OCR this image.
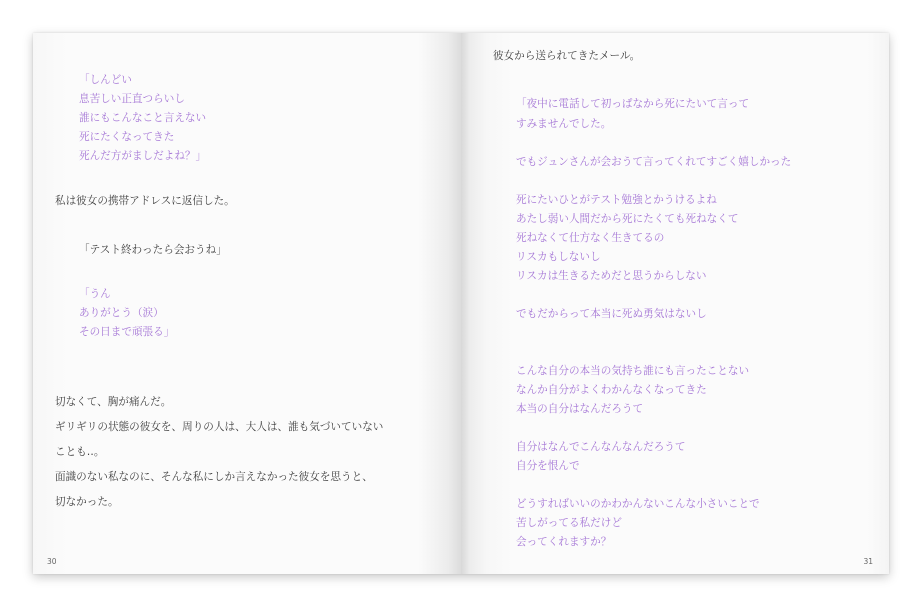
「しんどい
息苦しい正直つらいし
誰にもこんなこと言えない
死にたくなってきた
死んだ方がましだよね？」
私は彼女の携帯アドレスに返信した。
「テスト終わったら会おうね」
「うん
ありがとう（涙）
その日まで頑張る」
切なくて、胸が痛んだ。
ギリギリの状態の彼女を、周りの人は、大人は、誰も気づいていない
ことも‥。
面識のない私なのに、そんな私にしか言えなかった彼女を思うと、
切なかった。
30
彼女から送られてきたメール。
「夜中に電話して初っぱなから死にたいて言って
すみませんでした。
でもジュンさんが会おうて言ってくれてすごく嬉しかった
死にたいひとがテスト勉強とかうけるよね
あたし弱い人間だから死にたくても死ねなくて
死ねなくて仕方なく生きてるの
リスカもしないし
リスカは生きるためだと思うからしない
でもだからって本当に死ぬ勇気はないし
こんな自分の本当の気持ち誰にも言ったことない
なんか自分がよくわかんなくなってきた
本当の自分はなんだろうて
自分はなんでこんなんなんだろうて
自分を恨んで
どうすればいいのかわかんないこんな小さいことで
苦しがってる私だけど
会ってくれますか？
31
